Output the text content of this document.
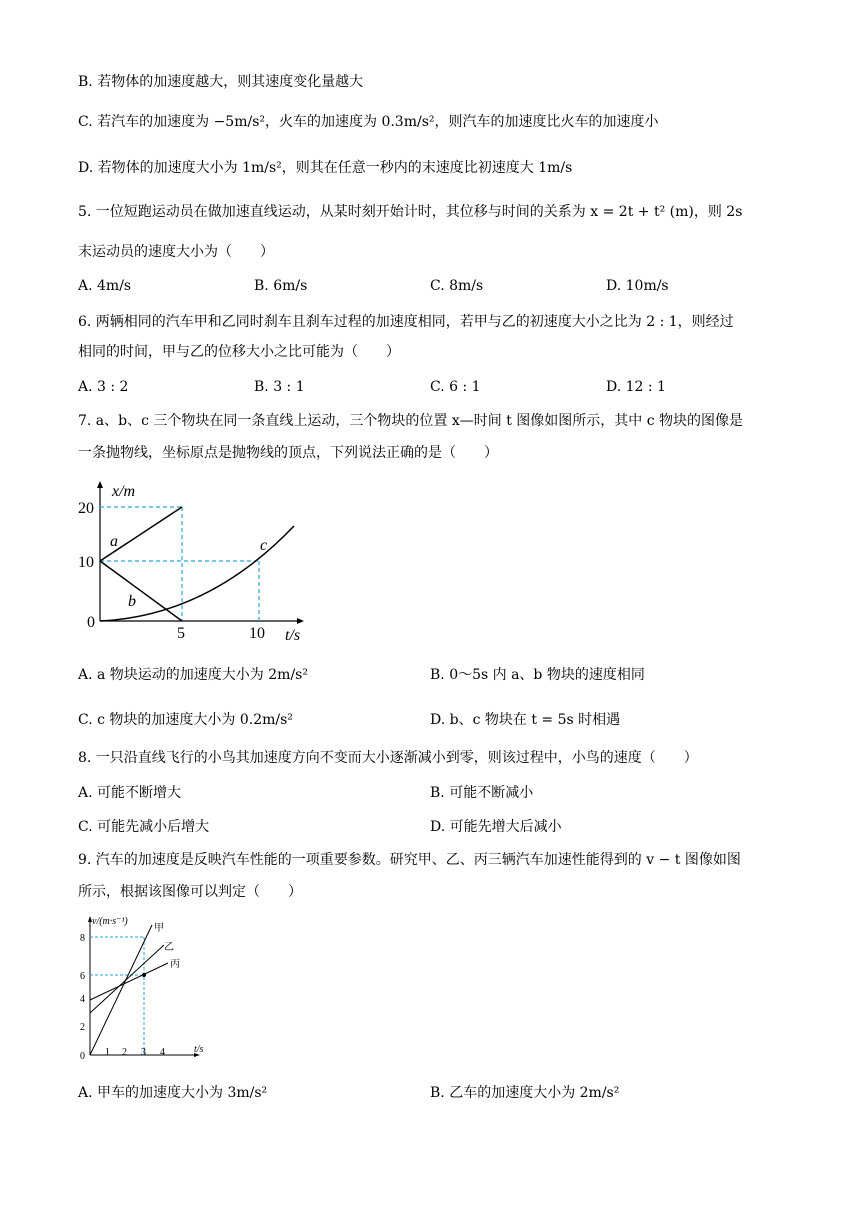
B. 若物体的加速度越大，则其速度变化量越大
C. 若汽车的加速度为 −5m/s²，火车的加速度为 0.3m/s²，则汽车的加速度比火车的加速度小
D. 若物体的加速度大小为 1m/s²，则其在任意一秒内的末速度比初速度大 1m/s
5. 一位短跑运动员在做加速直线运动，从某时刻开始计时，其位移与时间的关系为 x = 2t + t² (m)，则 2s
末运动员的速度大小为（　　）
A. 4m/s	B. 6m/s	C. 8m/s	D. 10m/s
6. 两辆相同的汽车甲和乙同时刹车且刹车过程的加速度相同，若甲与乙的初速度大小之比为 2 : 1，则经过
相同的时间，甲与乙的位移大小之比可能为（　　）
A. 3 : 2	B. 3 : 1	C. 6 : 1	D. 12 : 1
7. a、b、c 三个物块在同一条直线上运动，三个物块的位置 x—时间 t 图像如图所示，其中 c 物块的图像是
一条抛物线，坐标原点是抛物线的顶点，下列说法正确的是（　　）
x/m
t/s
20
10
0
5	10
a
b
c
A. a 物块运动的加速度大小为 2m/s²	B. 0～5s 内 a、b 物块的速度相同
C. c 物块的加速度大小为 0.2m/s²	D. b、c 物块在 t = 5s 时相遇
8. 一只沿直线飞行的小鸟其加速度方向不变而大小逐渐减小到零，则该过程中，小鸟的速度（　　）
A. 可能不断增大	B. 可能不断减小
C. 可能先减小后增大	D. 可能先增大后减小
9. 汽车的加速度是反映汽车性能的一项重要参数。研究甲、乙、丙三辆汽车加速性能得到的 v − t 图像如图
所示，根据该图像可以判定（　　）
v/(m·s⁻¹)
t/s
8
6
4
2
0 1 2 3 4
甲
乙
丙
A. 甲车的加速度大小为 3m/s²	B. 乙车的加速度大小为 2m/s²
